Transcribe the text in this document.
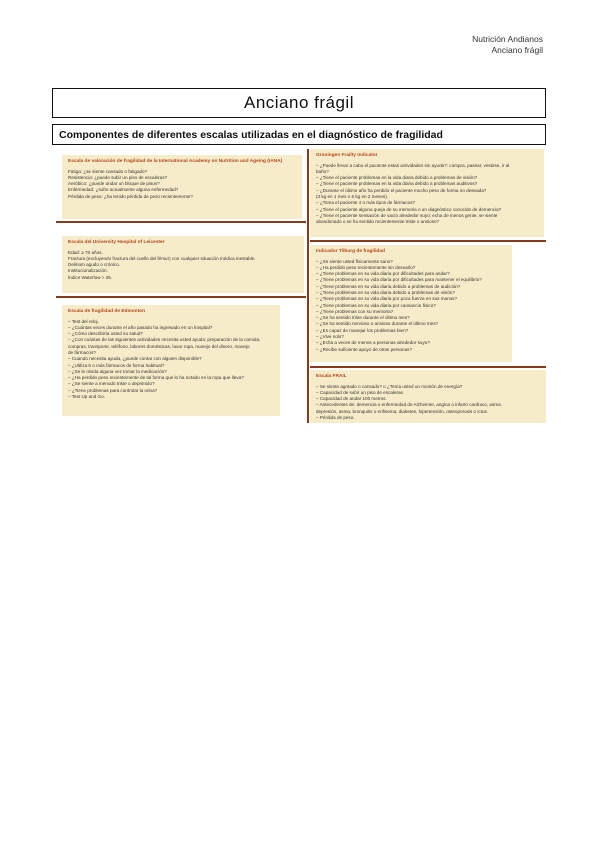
Nutrición Andianos
Anciano frágil
Anciano frágil
Componentes de diferentes escalas utilizadas en el diagnóstico de fragilidad
Escala de valoración de fragilidad de la International Academy on Nutrition and Ageing (IANA)
Fatiga: ¿se siente cansado o fatigado?
Resistencia: ¿puede subir un piso de escaleras?
Aeróbico: ¿puede andar un bloque de pisos?
Enfermedad: ¿sufre actualmente alguna enfermedad?
Pérdida de peso: ¿ha tenido pérdida de peso recientemente?
Escala del University Hospital of Leicester
Edad: ≥ 70 años.
Fractura (excluyendo fractura del cuello del fémur) con cualquier situación médica inestable.
Delirium agudo o crónico.
Institucionalización.
Índice Waterlow > 25.
Escala de fragilidad de Edmonton
– Test del reloj.
– ¿Cuántas veces durante el año pasado ha ingresado en un hospital?
– ¿Cómo describiría usted su salud?
– ¿Con cuántas de las siguientes actividades necesita usted ayuda: preparación de la comida,
compras, transporte, teléfono, labores domésticas, lavar ropa, manejo del dinero, manejo
de fármacos?
– Cuando necesita ayuda, ¿puede contar con alguien disponible?
– ¿Utiliza 5 o más fármacos de forma habitual?
– ¿Se le olvida alguna vez tomar la medicación?
– ¿Ha perdido peso recientemente de tal forma que lo ha notado en la ropa que lleva?
– ¿Se siente a menudo triste o deprimido?
– ¿Tiene problemas para controlar la orina?
– Test Up and Go.
Groningen Frailty Indicator
– ¿Puede llevar a cabo el paciente estas actividades sin ayuda?: compra, pasear, vestirse, ir al
baño?
– ¿Tiene el paciente problemas en la vida diaria debido a problemas de visión?
– ¿Tiene el paciente problemas en la vida diaria debido a problemas auditivos?
– ¿Durante el último año ha perdido el paciente mucho peso de forma no deseada?
(3 kg en 1 mes o 6 kg en 2 meses).
– ¿Toma el paciente 4 o más tipos de fármacos?
– ¿Tiene el paciente alguna queja de su memoria o un diagnóstico conocido de demencia?
– ¿Tiene el paciente sensación de vacío alrededor suyo; echa de menos gente, se siente
abandonado o se ha sentido recientemente triste o ansioso?
Indicador Tilburg de fragilidad
– ¿Se siente usted físicamente sano?
– ¿Ha perdido peso recientemente sin desearlo?
– ¿Tiene problemas en su vida diaria por dificultades para andar?
– ¿Tiene problemas en su vida diaria por dificultades para mantener el equilibrio?
– ¿Tiene problemas en su vida diaria debido a problemas de audición?
– ¿Tiene problemas en su vida diaria debido a problemas de visión?
– ¿Tiene problemas en su vida diaria por poca fuerza en sus manos?
– ¿Tiene problemas en su vida diaria por cansancio físico?
– ¿Tiene problemas con su memoria?
– ¿Se ha sentido triste durante el último mes?
– ¿Se ha sentido nervioso o ansioso durante el último mes?
– ¿Es capaz de manejar los problemas bien?
– ¿Vive solo?
– ¿Echa a veces de menos a personas alrededor suyo?
– ¿Recibe suficiente apoyo de otras personas?
Escala FRAIL
– Se siente agotado o cansado? o ¿Tenía usted un montón de energía?
– Capacidad de subir un piso de escaleras.
– Capacidad de andar 100 metros.
– Antecedentes de: demencia o enfermedad de Alzheimer, angina o infarto cardíaco, asma,
depresión, asma, bronquitis o enfisema, diabetes, hipertensión, osteoporosis o ictus.
– Pérdida de peso.
